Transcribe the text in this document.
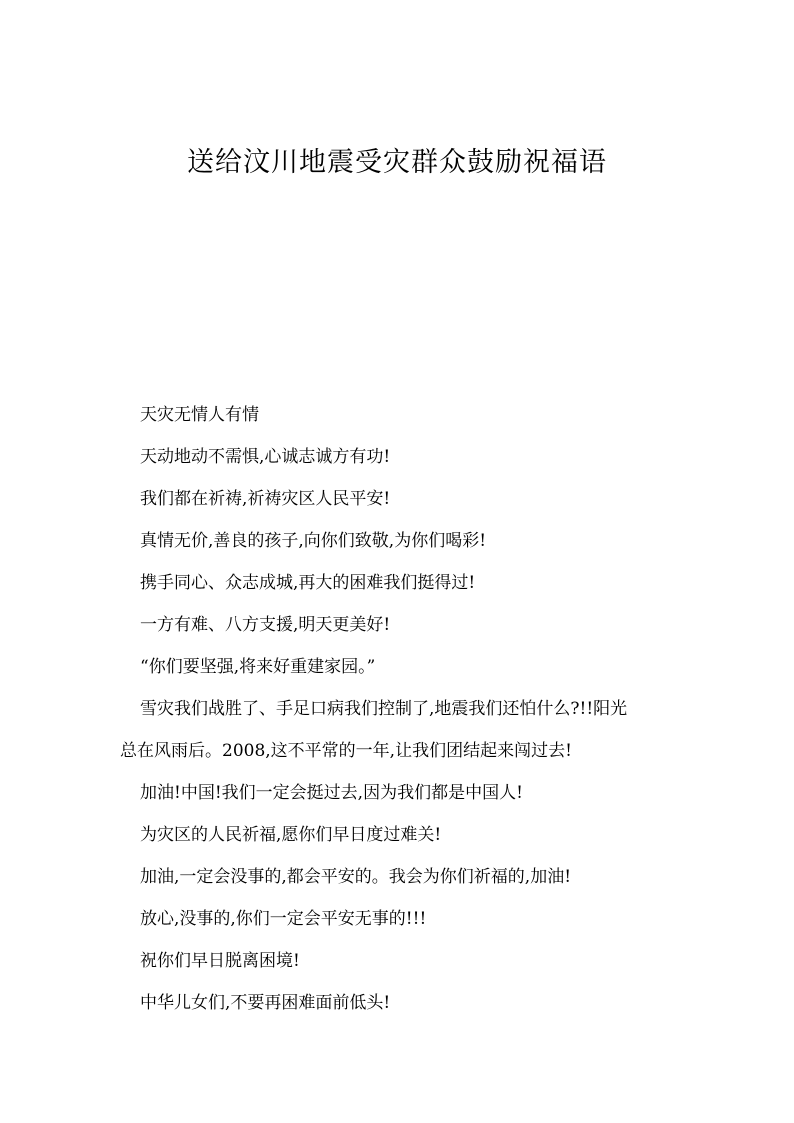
送给汶川地震受灾群众鼓励祝福语
天灾无情人有情
天动地动不需惧,心诚志诚方有功!
我们都在祈祷,祈祷灾区人民平安!
真情无价,善良的孩子,向你们致敬,为你们喝彩!
携手同心、众志成城,再大的困难我们挺得过!
一方有难、八方支援,明天更美好!
“你们要坚强,将来好重建家园。”
雪灾我们战胜了、手足口病我们控制了,地震我们还怕什么?!!阳光
总在风雨后。2008,这不平常的一年,让我们团结起来闯过去!
加油!中国!我们一定会挺过去,因为我们都是中国人!
为灾区的人民祈福,愿你们早日度过难关!
加油,一定会没事的,都会平安的。我会为你们祈福的,加油!
放心,没事的,你们一定会平安无事的!!!
祝你们早日脱离困境!
中华儿女们,不要再困难面前低头!
